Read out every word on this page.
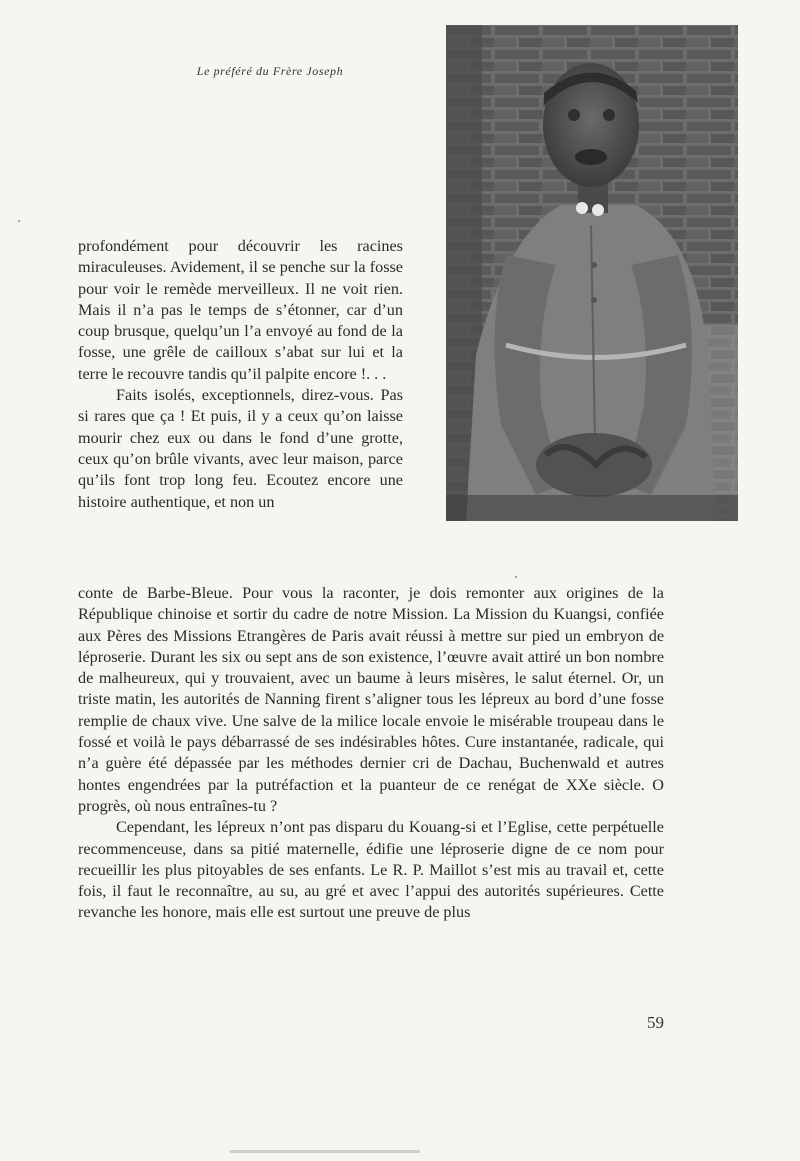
Le préféré du Frère Joseph

profondément pour découvrir les racines miraculeuses. Avidement, il se penche sur la fosse pour voir le remède merveilleux. Il ne voit rien. Mais il n’a pas le temps de s’étonner, car d’un coup brusque, quelqu’un l’a envoyé au fond de la fosse, une grêle de cailloux s’abat sur lui et la terre le recouvre tandis qu’il palpite encore !. . .

Faits isolés, exceptionnels, direz-vous. Pas si rares que ça ! Et puis, il y a ceux qu’on laisse mourir chez eux ou dans le fond d’une grotte, ceux qu’on brûle vivants, avec leur maison, parce qu’ils font trop long feu. Ecoutez encore une histoire authentique, et non un

conte de Barbe-Bleue. Pour vous la raconter, je dois remonter aux origines de la République chinoise et sortir du cadre de notre Mission. La Mission du Kuangsi, confiée aux Pères des Missions Etrangères de Paris avait réussi à mettre sur pied un embryon de léproserie. Durant les six ou sept ans de son existence, l’œuvre avait attiré un bon nombre de malheureux, qui y trouvaient, avec un baume à leurs misères, le salut éternel. Or, un triste matin, les autorités de Nanning firent s’aligner tous les lépreux au bord d’une fosse remplie de chaux vive. Une salve de la milice locale envoie le misérable troupeau dans le fossé et voilà le pays débarrassé de ses indésirables hôtes. Cure instantanée, radicale, qui n’a guère été dépassée par les méthodes dernier cri de Dachau, Buchenwald et autres hontes engendrées par la putréfaction et la puanteur de ce renégat de XXe siècle. O progrès, où nous entraînes-tu ?

Cependant, les lépreux n’ont pas disparu du Kouang-si et l’Eglise, cette perpétuelle recommenceuse, dans sa pitié maternelle, édifie une léproserie digne de ce nom pour recueillir les plus pitoyables de ses enfants. Le R. P. Maillot s’est mis au travail et, cette fois, il faut le reconnaître, au su, au gré et avec l’appui des autorités supérieures. Cette revanche les honore, mais elle est surtout une preuve de plus

59
